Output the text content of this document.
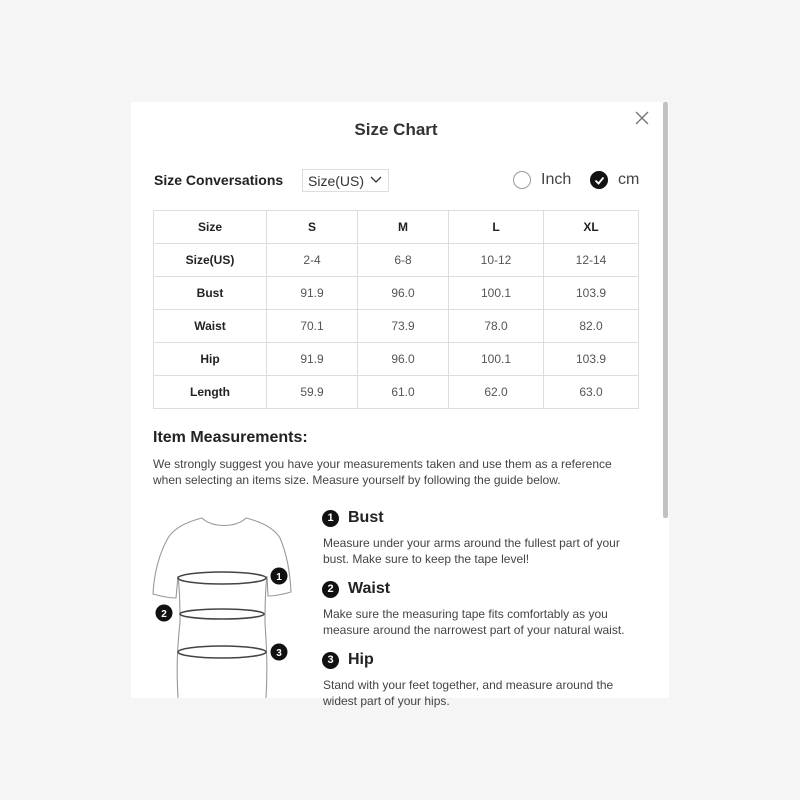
Size Chart
Size Conversations	Size(US)	Inch	cm
Size	S	M	L	XL
Size(US)	2-4	6-8	10-12	12-14
Bust	91.9	96.0	100.1	103.9
Waist	70.1	73.9	78.0	82.0
Hip	91.9	96.0	100.1	103.9
Length	59.9	61.0	62.0	63.0
Item Measurements:
We strongly suggest you have your measurements taken and use them as a reference when selecting an items size. Measure yourself by following the guide below.
1
2
3
1 Bust
Measure under your arms around the fullest part of your bust. Make sure to keep the tape level!
2 Waist
Make sure the measuring tape fits comfortably as you measure around the narrowest part of your natural waist.
3 Hip
Stand with your feet together, and measure around the widest part of your hips.
